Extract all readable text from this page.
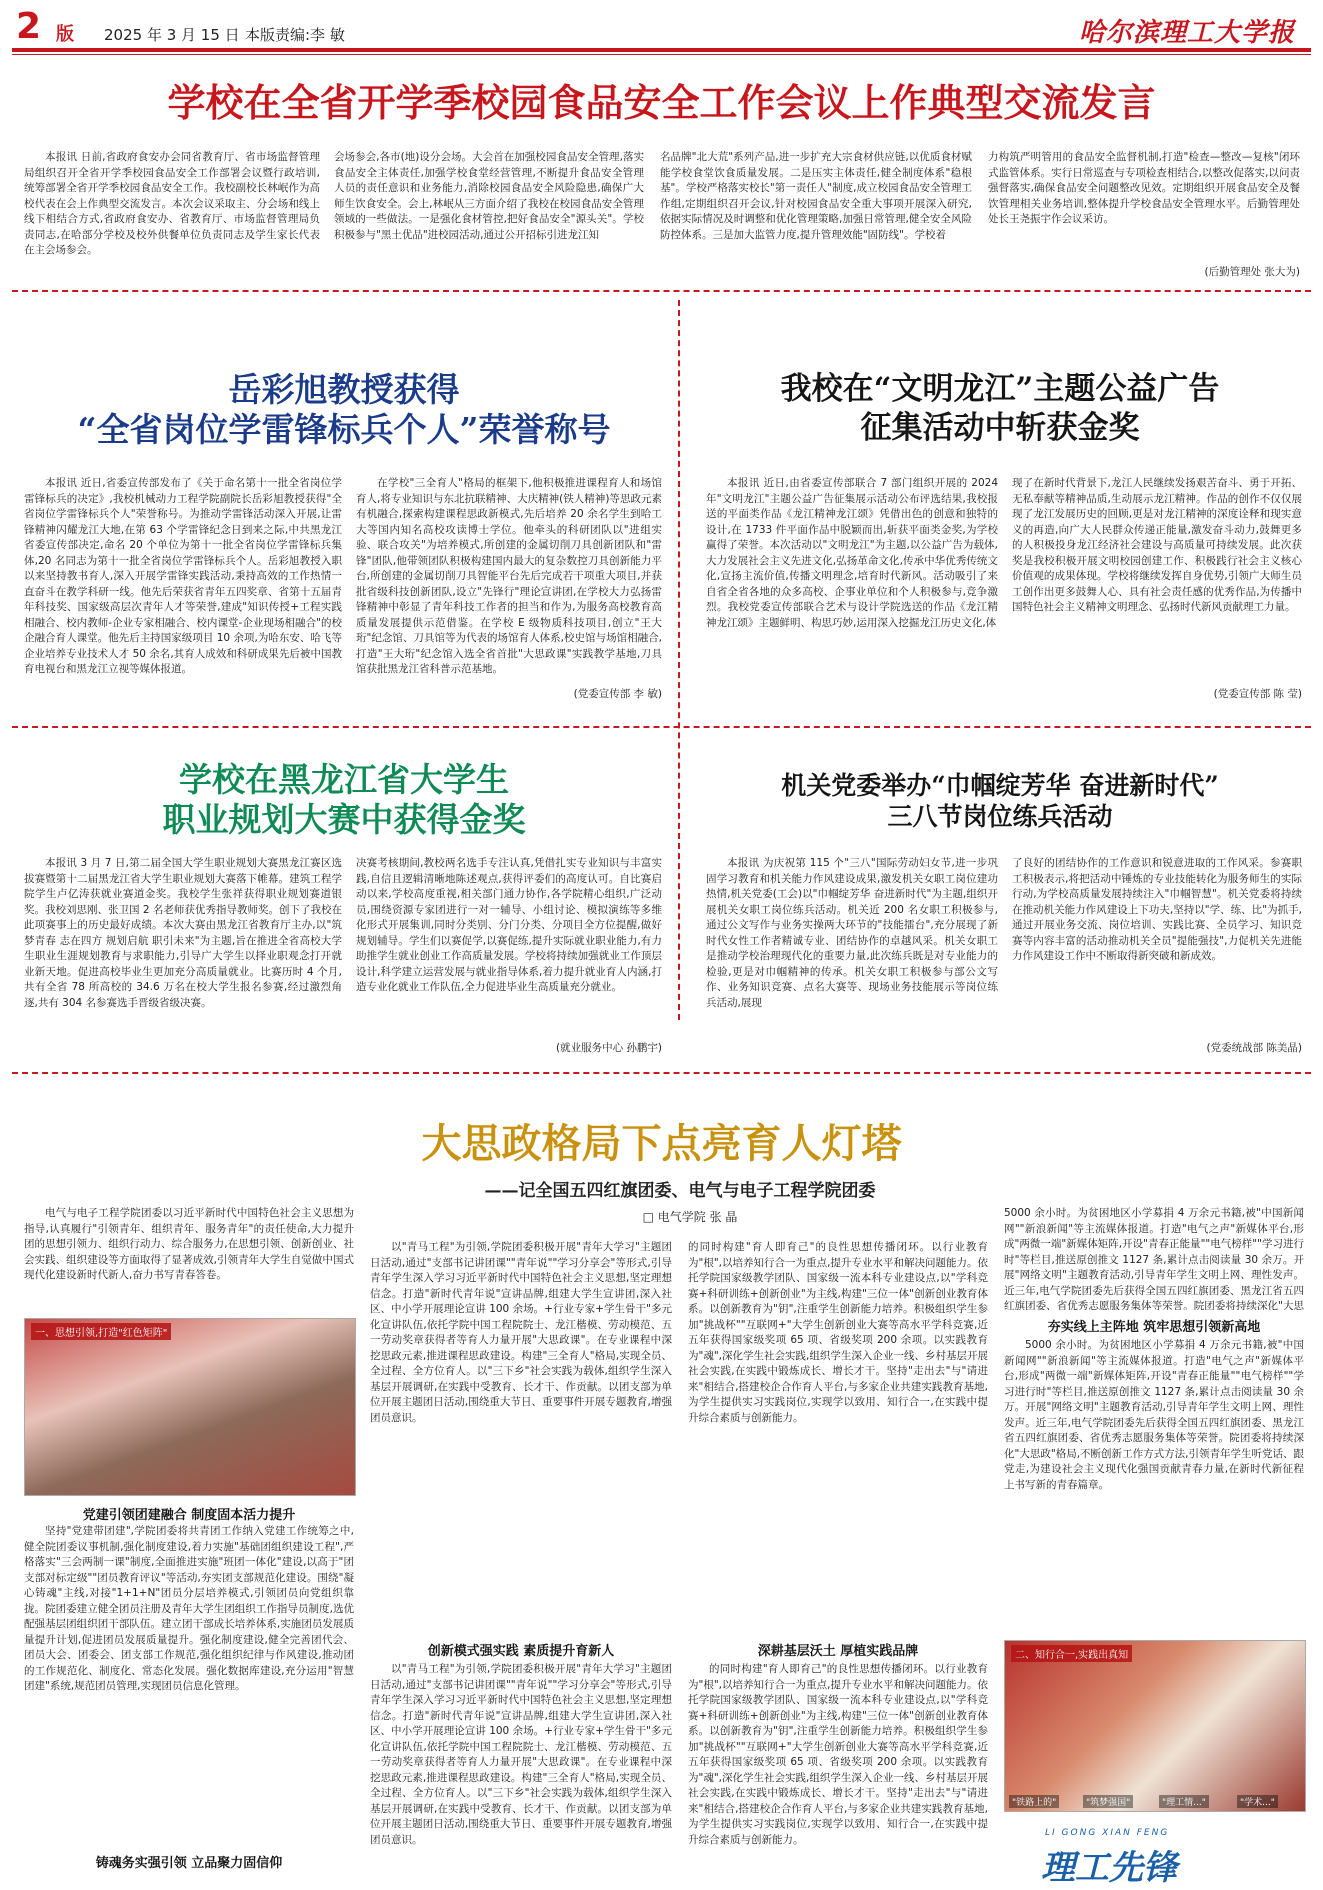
2 版 2025 年 3 月 15 日 本版责编:李 敏	哈尔滨理工大学报
学校在全省开学季校园食品安全工作会议上作典型交流发言

本报讯 日前,省政府食安办会同省教育厅、省市场监督管理局组织召开全省开学季校园食品安全工作部署会议暨行政培训,统筹部署全省开学季校园食品安全工作。我校副校长林岷作为高校代表在会上作典型交流发言。本次会议采取主、分会场和线上线下相结合方式,省政府食安办、省教育厅、市场监督管理局负责同志,在哈部分学校及校外供餐单位负责同志及学生家长代表在主会场参会。

会场参会,各市(地)设分会场。大会首在加强校园食品安全管理,落实食品安全主体责任,加强学校食堂经营管理,不断提升食品安全管理人员的责任意识和业务能力,消除校园食品安全风险隐患,确保广大师生饮食安全。会上,林岷从三方面介绍了我校在校园食品安全管理领域的一些做法。一是强化食材管控,把好食品安全"源头关"。学校积极参与"黑土优品"进校园活动,通过公开招标引进龙江知

名品牌"北大荒"系列产品,进一步扩充大宗食材供应链,以优质食材赋能学校食堂饮食质量发展。二是压实主体责任,健全制度体系"稳根基"。学校严格落实校长"第一责任人"制度,成立校园食品安全管理工作组,定期组织召开会议,针对校园食品安全重大事项开展深入研究,依据实际情况及时调整和优化管理策略,加强日常管理,健全安全风险防控体系。三是加大监管力度,提升管理效能"固防线"。学校着

力构筑严明管用的食品安全监督机制,打造"检查—整改—复核"闭环式监管体系。实行日常巡查与专项检查相结合,以整改促落实,以问责强督落实,确保食品安全问题整改见效。定期组织开展食品安全及餐饮管理相关业务培训,整体提升学校食品安全管理水平。后勤管理处处长王尧振宇作会议采访。

(后勤管理处 张大为)
岳彩旭教授获得
“全省岗位学雷锋标兵个人”荣誉称号

本报讯 近日,省委宣传部发布了《关于命名第十一批全省岗位学雷锋标兵的决定》,我校机械动力工程学院副院长岳彩旭教授获得"全省岗位学雷锋标兵个人"荣誉称号。为推动学雷锋活动深入开展,让雷锋精神闪耀龙江大地,在第 63 个学雷锋纪念日到来之际,中共黑龙江省委宣传部决定,命名 20 个单位为第十一批全省岗位学雷锋标兵集体,20 名同志为第十一批全省岗位学雷锋标兵个人。岳彩旭教授入职以来坚持教书育人,深入开展学雷锋实践活动,秉持高效的工作热情一直奋斗在教学科研一线。他先后荣获省青年五四奖章、省第十五届青年科技奖、国家级高层次青年人才等荣誉,建成"知识传授+工程实践相融合、校内教师-企业专家相融合、校内课堂-企业现场相融合"的校企融合育人课堂。他先后主持国家级项目 10 余项,为哈东安、哈飞等企业培养专业技术人才 50 余名,其育人成效和科研成果先后被中国教育电视台和黑龙江立视等媒体报道。

在学校"三全育人"格局的框架下,他积极推进课程育人和场馆育人,将专业知识与东北抗联精神、大庆精神(铁人精神)等思政元素有机融合,探索构建课程思政新模式,先后培养 20 余名学生到哈工大等国内知名高校攻读博士学位。他牵头的科研团队以"进组实验、联合攻关"为培养模式,所创建的金属切削刀具创新团队和"雷锋"团队,他带领团队积极构建国内最大的复杂数控刀具创新能力平台,所创建的金属切削刀具智能平台先后完成若干项重大项目,并获批省级科技创新团队,设立"先锋行"理论宣讲团,在学校大力弘扬雷锋精神中彰显了青年科技工作者的担当和作为,为服务高校教育高质量发展提供示范借鉴。在学校 E 级物质科技项目,创立"王大珩"纪念馆、刀具馆等为代表的场馆育人体系,校史馆与场馆相融合,打造"王大珩"纪念馆入选全省首批"大思政课"实践教学基地,刀具馆获批黑龙江省科普示范基地。

(党委宣传部 李 敏)
我校在“文明龙江”主题公益广告
征集活动中斩获金奖

本报讯 近日,由省委宣传部联合 7 部门组织开展的 2024 年"文明龙江"主题公益广告征集展示活动公布评选结果,我校报送的平面类作品《龙江精神龙江颂》凭借出色的创意和独特的设计,在 1733 件平面作品中脱颖而出,斩获平面类金奖,为学校赢得了荣誉。本次活动以"文明龙江"为主题,以公益广告为载体,大力发展社会主义先进文化,弘扬革命文化,传承中华优秀传统文化,宣扬主流价值,传播文明理念,培育时代新风。活动吸引了来自省全省各地的众多高校、企事业单位和个人积极参与,竞争激烈。我校党委宣传部联合艺术与设计学院选送的作品《龙江精神龙江颂》主题鲜明、构思巧妙,运用深入挖掘龙江历史文化,体

现了在新时代背景下,龙江人民继续发扬艰苦奋斗、勇于开拓、无私奉献等精神品质,生动展示龙江精神。作品的创作不仅仅展现了龙江发展历史的回顾,更是对龙江精神的深度诠释和现实意义的再造,向广大人民群众传递正能量,激发奋斗动力,鼓舞更多的人积极投身龙江经济社会建设与高质量可持续发展。此次获奖是我校积极开展文明校园创建工作、积极践行社会主义核心价值观的成果体现。学校将继续发挥自身优势,引领广大师生员工创作出更多鼓舞人心、具有社会责任感的优秀作品,为传播中国特色社会主义精神文明理念、弘扬时代新风贡献理工力量。

(党委宣传部 陈 莹)
学校在黑龙江省大学生
职业规划大赛中获得金奖

本报讯 3 月 7 日,第二届全国大学生职业规划大赛黑龙江赛区选拔赛暨第十二届黑龙江省大学生职业规划大赛落下帷幕。建筑工程学院学生卢亿涛获就业赛道金奖。我校学生张祥获得职业规划赛道银奖。我校刘思刚、张卫国 2 名老师获优秀指导教师奖。创下了我校在此项赛事上的历史最好成绩。本次大赛由黑龙江省教育厅主办,以"筑梦青春 志在四方 规划启航 职引未来"为主题,旨在推进全省高校大学生职业生涯规划教育与求职能力,引导广大学生以择业职观念打开就业新天地。促进高校毕业生更加充分高质量就业。比赛历时 4 个月,共有全省 78 所高校的 34.6 万名在校大学生报名参赛,经过激烈角逐,共有 304 名参赛选手晋级省级决赛。

决赛考核期间,教校两名选手专注认真,凭借扎实专业知识与丰富实践,自信且逻辑清晰地陈述观点,获得评委们的高度认可。自比赛启动以来,学校高度重视,相关部门通力协作,各学院精心组织,广泛动员,围绕资源专家团进行一对一辅导、小组讨论、模拟演练等多维化形式开展集训,同时分类别、分门分类、分项目全方位提醒,做好规划辅导。学生们以赛促学,以赛促练,提升实际就业职业能力,有力助推学生就业创业工作高质量发展。学校将持续加强就业工作顶层设计,科学建立运营发展与就业指导体系,着力提升就业育人内涵,打造专业化就业工作队伍,全力促进毕业生高质量充分就业。

(就业服务中心 孙鹏宇)
机关党委举办“巾帼绽芳华 奋进新时代”
三八节岗位练兵活动

本报讯 为庆祝第 115 个"三八"国际劳动妇女节,进一步巩固学习教育和机关能力作风建设成果,激发机关女职工岗位建功热情,机关党委(工会)以"巾帼绽芳华 奋进新时代"为主题,组织开展机关女职工岗位练兵活动。机关近 200 名女职工积极参与,通过公文写作与业务实操两大环节的"技能擂台",充分展现了新时代女性工作者精诚专业、团结协作的卓越风采。机关女职工是推动学校治理现代化的重要力量,此次练兵既是对专业能力的检验,更是对巾帼精神的传承。机关女职工积极参与部公文写作、业务知识竞赛、点名大赛等、现场业务技能展示等岗位练兵活动,展现

了良好的团结协作的工作意识和锐意进取的工作风采。参赛职工积极表示,将把活动中锤炼的专业技能转化为服务师生的实际行动,为学校高质量发展持续注入"巾帼智慧"。机关党委将持续在推动机关能力作风建设上下功夫,坚持以"学、练、比"为抓手,通过开展业务交流、岗位培训、实践比赛、全员学习、知识竞赛等内容丰富的活动推动机关全员"提能强技",力促机关先进能力作风建设工作中不断取得新突破和新成效。

(党委统战部 陈美晶)
大思政格局下点亮育人灯塔
——记全国五四红旗团委、电气与电子工程学院团委
□ 电气学院 张 晶

电气与电子工程学院团委以习近平新时代中国特色社会主义思想为指导,认真履行"引领青年、组织青年、服务青年"的责任使命,大力提升团的思想引领力、组织行动力、综合服务力,在思想引领、创新创业、社会实践、组织建设等方面取得了显著成效,引领青年大学生自觉做中国式现代化建设新时代新人,奋力书写青春答卷。

一、思想引领,打造"红色矩阵"
党建引领团建融合 制度固本活力提升

坚持"党建带团建",学院团委将共青团工作纳入党建工作统筹之中,健全院团委议事机制,强化制度建设,着力实施"基础团组织建设工程",严格落实"三会两制一课"制度,全面推进实施"班团一体化"建设,以高于"团支部对标定级""团员教育评议"等活动,夯实团支部规范化建设。围绕"凝心铸魂"主线,对接"1+1+N"团员分层培养模式,引领团员向党组织靠拢。院团委建立健全团员注册及青年大学生团组织工作指导员制度,选优配强基层团组织团干部队伍。建立团干部成长培养体系,实施团员发展质量提升计划,促进团员发展质量提升。强化制度建设,健全完善团代会、团员大会、团委会、团支部工作规范,强化组织纪律与作风建设,推动团的工作规范化、制度化、常态化发展。强化数据库建设,充分运用"智慧团建"系统,规范团员管理,实现团员信息化管理。

铸魂务实强引领 立品聚力固信仰

以"青马工程"为引领,学院团委积极开展"青年大学习"主题团日活动,通过"支部书记讲团课""青年说""学习分享会"等形式,引导青年学生深入学习习近平新时代中国特色社会主义思想,坚定理想信念。打造"新时代青年说"宣讲品牌,组建大学生宣讲团,深入社区、中小学开展理论宣讲 100 余场。+行业专家+学生骨干"多元化宣讲队伍,依托学院中国工程院院士、龙江楷模、劳动模范、五一劳动奖章获得者等育人力量开展"大思政课"。在专业课程中深挖思政元素,推进课程思政建设。构建"三全育人"格局,实现全员、全过程、全方位育人。以"三下乡"社会实践为载体,组织学生深入基层开展调研,在实践中受教育、长才干、作贡献。以团支部为单位开展主题团日活动,围绕重大节日、重要事件开展专题教育,增强团员意识。

创新模式强实践 素质提升育新人

以"青马工程"为引领,学院团委积极开展"青年大学习"主题团日活动,通过"支部书记讲团课""青年说""学习分享会"等形式,引导青年学生深入学习习近平新时代中国特色社会主义思想,坚定理想信念。打造"新时代青年说"宣讲品牌,组建大学生宣讲团,深入社区、中小学开展理论宣讲 100 余场。+行业专家+学生骨干"多元化宣讲队伍,依托学院中国工程院院士、龙江楷模、劳动模范、五一劳动奖章获得者等育人力量开展"大思政课"。在专业课程中深挖思政元素,推进课程思政建设。构建"三全育人"格局,实现全员、全过程、全方位育人。以"三下乡"社会实践为载体,组织学生深入基层开展调研,在实践中受教育、长才干、作贡献。以团支部为单位开展主题团日活动,围绕重大节日、重要事件开展专题教育,增强团员意识。

的同时构建"育人即育己"的良性思想传播闭环。以行业教育为"根",以培养知行合一为重点,提升专业水平和解决问题能力。依托学院国家级教学团队、国家级一流本科专业建设点,以"学科竞赛+科研训练+创新创业"为主线,构建"三位一体"创新创业教育体系。以创新教育为"钥",注重学生创新能力培养。积极组织学生参加"挑战杯""互联网+"大学生创新创业大赛等高水平学科竞赛,近五年获得国家级奖项 65 项、省级奖项 200 余项。以实践教育为"魂",深化学生社会实践,组织学生深入企业一线、乡村基层开展社会实践,在实践中锻炼成长、增长才干。坚持"走出去"与"请进来"相结合,搭建校企合作育人平台,与多家企业共建实践教育基地,为学生提供实习实践岗位,实现学以致用、知行合一,在实践中提升综合素质与创新能力。

深耕基层沃土 厚植实践品牌

的同时构建"育人即育己"的良性思想传播闭环。以行业教育为"根",以培养知行合一为重点,提升专业水平和解决问题能力。依托学院国家级教学团队、国家级一流本科专业建设点,以"学科竞赛+科研训练+创新创业"为主线,构建"三位一体"创新创业教育体系。以创新教育为"钥",注重学生创新能力培养。积极组织学生参加"挑战杯""互联网+"大学生创新创业大赛等高水平学科竞赛,近五年获得国家级奖项 65 项、省级奖项 200 余项。以实践教育为"魂",深化学生社会实践,组织学生深入企业一线、乡村基层开展社会实践,在实践中锻炼成长、增长才干。坚持"走出去"与"请进来"相结合,搭建校企合作育人平台,与多家企业共建实践教育基地,为学生提供实习实践岗位,实现学以致用、知行合一,在实践中提升综合素质与创新能力。

5000 余小时。为贫困地区小学募捐 4 万余元书籍,被"中国新闻网""新浪新闻"等主流媒体报道。打造"电气之声"新媒体平台,形成"两微一端"新媒体矩阵,开设"青春正能量""电气榜样""学习进行时"等栏目,推送原创推文 1127 条,累计点击阅读量 30 余万。开展"网络文明"主题教育活动,引导青年学生文明上网、理性发声。近三年,电气学院团委先后获得全国五四红旗团委、黑龙江省五四红旗团委、省优秀志愿服务集体等荣誉。院团委将持续深化"大思

夯实线上主阵地 筑牢思想引领新高地

5000 余小时。为贫困地区小学募捐 4 万余元书籍,被"中国新闻网""新浪新闻"等主流媒体报道。打造"电气之声"新媒体平台,形成"两微一端"新媒体矩阵,开设"青春正能量""电气榜样""学习进行时"等栏目,推送原创推文 1127 条,累计点击阅读量 30 余万。开展"网络文明"主题教育活动,引导青年学生文明上网、理性发声。近三年,电气学院团委先后获得全国五四红旗团委、黑龙江省五四红旗团委、省优秀志愿服务集体等荣誉。院团委将持续深化"大思政"格局,不断创新工作方式方法,引领青年学生听党话、跟党走,为建设社会主义现代化强国贡献青春力量,在新时代新征程上书写新的青春篇章。

二、知行合一,实践出真知
"铁路上的"	"筑梦强国"	"理工情..."	"学术..."
LI GONG XIAN FENG
理工先锋
